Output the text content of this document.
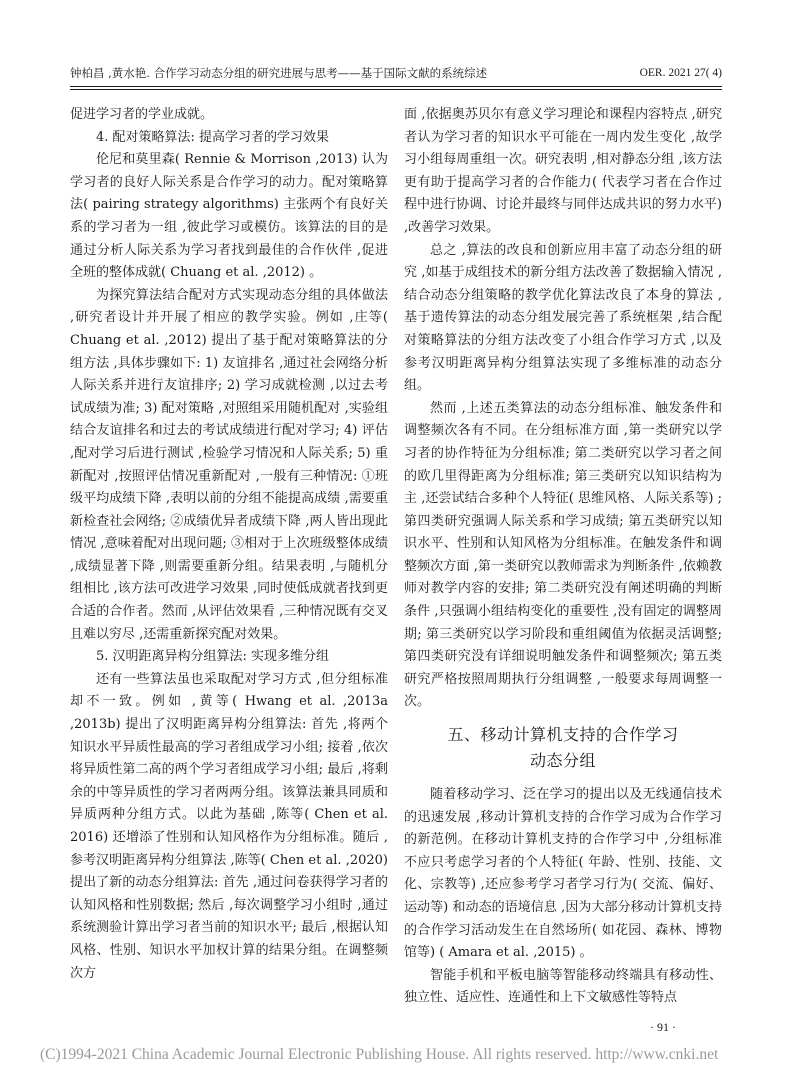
钟柏昌 ,黄水艳. 合作学习动态分组的研究进展与思考——基于国际文献的系统综述	OER. 2021 27( 4)

促进学习者的学业成就。

4. 配对策略算法: 提高学习者的学习效果

伦尼和莫里森( Rennie & Morrison ,2013) 认为学习者的良好人际关系是合作学习的动力。配对策略算法( pairing strategy algorithms) 主张两个有良好关系的学习者为一组 ,彼此学习或模仿。该算法的目的是通过分析人际关系为学习者找到最佳的合作伙伴 ,促进全班的整体成就( Chuang et al. ,2012) 。

为探究算法结合配对方式实现动态分组的具体做法 ,研究者设计并开展了相应的教学实验。例如 ,庄等( Chuang et al. ,2012) 提出了基于配对策略算法的分组方法 ,具体步骤如下: 1) 友谊排名 ,通过社会网络分析人际关系并进行友谊排序; 2) 学习成就检测 ,以过去考试成绩为准; 3) 配对策略 ,对照组采用随机配对 ,实验组结合友谊排名和过去的考试成绩进行配对学习; 4) 评估 ,配对学习后进行测试 ,检验学习情况和人际关系; 5) 重新配对 ,按照评估情况重新配对 ,一般有三种情况: ①班级平均成绩下降 ,表明以前的分组不能提高成绩 ,需要重新检查社会网络; ②成绩优异者成绩下降 ,两人皆出现此情况 ,意味着配对出现问题; ③相对于上次班级整体成绩 ,成绩显著下降 ,则需要重新分组。结果表明 ,与随机分组相比 ,该方法可改进学习效果 ,同时使低成就者找到更合适的合作者。然而 ,从评估效果看 ,三种情况既有交叉且难以穷尽 ,还需重新探究配对效果。

5. 汉明距离异构分组算法: 实现多维分组

还有一些算法虽也采取配对学习方式 ,但分组标准却不一致。例如 ,黄等( Hwang et al. ,2013a ,2013b) 提出了汉明距离异构分组算法: 首先 ,将两个知识水平异质性最高的学习者组成学习小组; 接着 ,依次将异质性第二高的两个学习者组成学习小组; 最后 ,将剩余的中等异质性的学习者两两分组。该算法兼具同质和异质两种分组方式。以此为基础 ,陈等( Chen et al. 2016) 还增添了性别和认知风格作为分组标准。随后 ,参考汉明距离异构分组算法 ,陈等( Chen et al. ,2020) 提出了新的动态分组算法: 首先 ,通过问卷获得学习者的认知风格和性别数据; 然后 ,每次调整学习小组时 ,通过系统测验计算出学习者当前的知识水平; 最后 ,根据认知风格、性别、知识水平加权计算的结果分组。在调整频次方

面 ,依据奥苏贝尔有意义学习理论和课程内容特点 ,研究者认为学习者的知识水平可能在一周内发生变化 ,故学习小组每周重组一次。研究表明 ,相对静态分组 ,该方法更有助于提高学习者的合作能力( 代表学习者在合作过程中进行协调、讨论并最终与同伴达成共识的努力水平) ,改善学习效果。

总之 ,算法的改良和创新应用丰富了动态分组的研究 ,如基于成组技术的新分组方法改善了数据输入情况 ,结合动态分组策略的教学优化算法改良了本身的算法 ,基于遗传算法的动态分组发展完善了系统框架 ,结合配对策略算法的分组方法改变了小组合作学习方式 ,以及参考汉明距离异构分组算法实现了多维标准的动态分组。

然而 ,上述五类算法的动态分组标准、触发条件和调整频次各有不同。在分组标准方面 ,第一类研究以学习者的协作特征为分组标准; 第二类研究以学习者之间的欧几里得距离为分组标准; 第三类研究以知识结构为主 ,还尝试结合多种个人特征( 思维风格、人际关系等) ; 第四类研究强调人际关系和学习成绩; 第五类研究以知识水平、性别和认知风格为分组标准。在触发条件和调整频次方面 ,第一类研究以教师需求为判断条件 ,依赖教师对教学内容的安排; 第二类研究没有阐述明确的判断条件 ,只强调小组结构变化的重要性 ,没有固定的调整周期; 第三类研究以学习阶段和重组阈值为依据灵活调整; 第四类研究没有详细说明触发条件和调整频次; 第五类研究严格按照周期执行分组调整 ,一般要求每周调整一次。

五、移动计算机支持的合作学习
动态分组

随着移动学习、泛在学习的提出以及无线通信技术的迅速发展 ,移动计算机支持的合作学习成为合作学习的新范例。在移动计算机支持的合作学习中 ,分组标准不应只考虑学习者的个人特征( 年龄、性别、技能、文化、宗教等) ,还应参考学习者学习行为( 交流、偏好、运动等) 和动态的语境信息 ,因为大部分移动计算机支持的合作学习活动发生在自然场所( 如花园、森林、博物馆等) ( Amara et al. ,2015) 。

智能手机和平板电脑等智能移动终端具有移动性、独立性、适应性、连通性和上下文敏感性等特点

· 91 ·
(C)1994-2021 China Academic Journal Electronic Publishing House. All rights reserved. http://www.cnki.net
